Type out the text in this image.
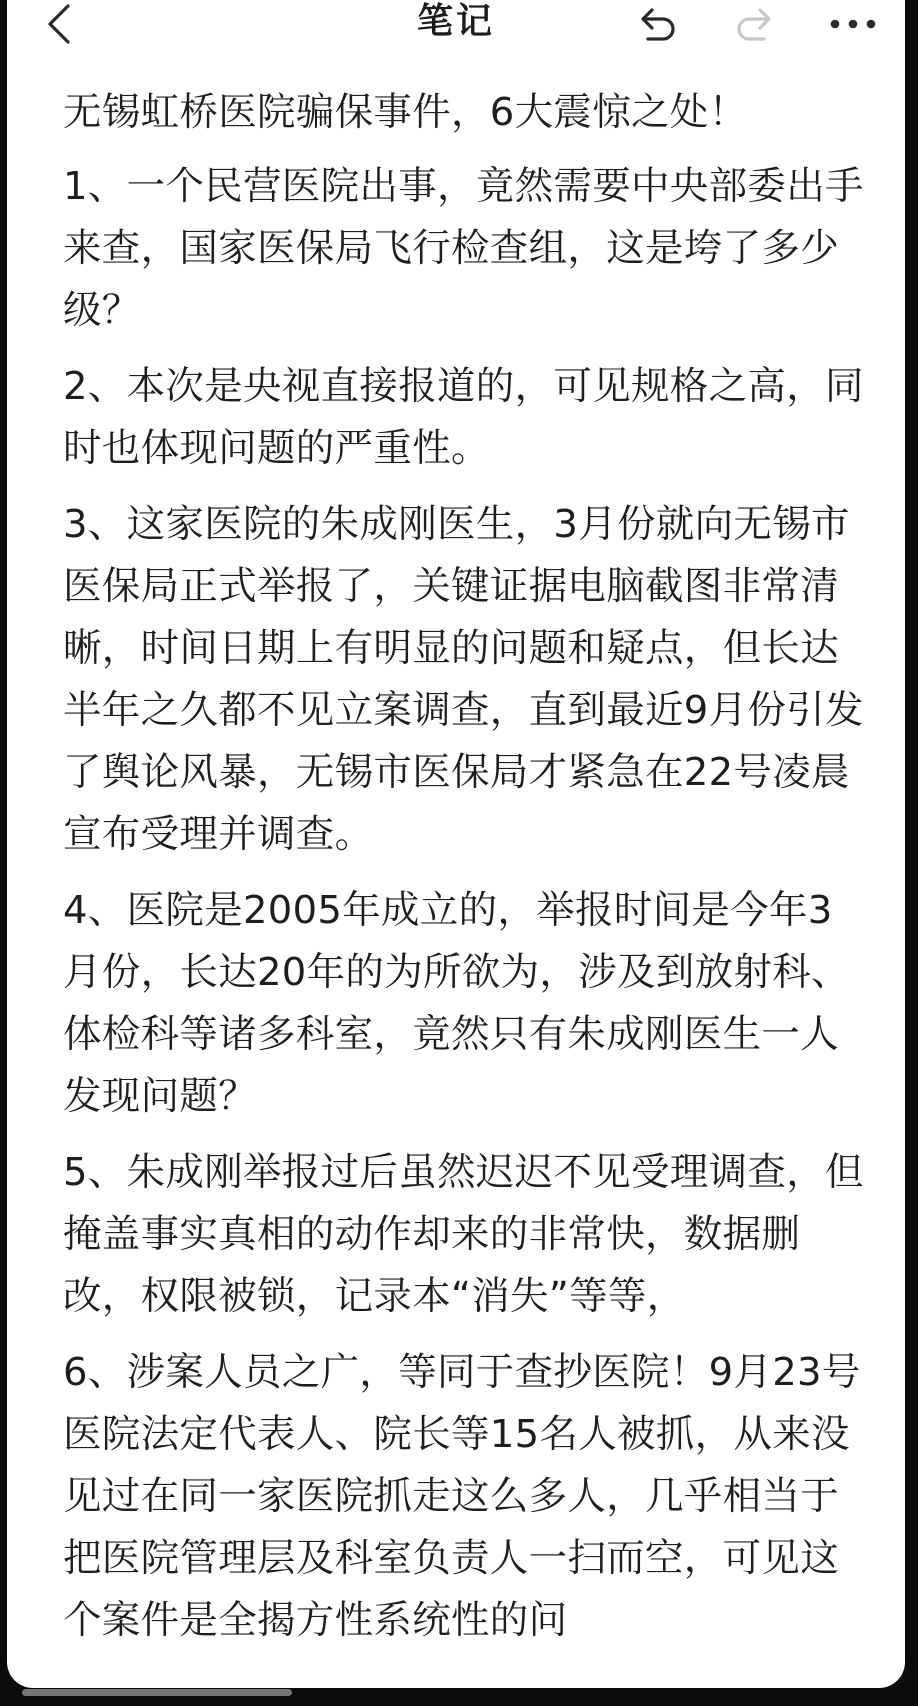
笔记

无锡虹桥医院骗保事件，6大震惊之处！

1、一个民营医院出事，竟然需要中央部委出手来查，国家医保局飞行检查组，这是垮了多少级？

2、本次是央视直接报道的，可见规格之高，同时也体现问题的严重性。

3、这家医院的朱成刚医生，3月份就向无锡市医保局正式举报了，关键证据电脑截图非常清晰，时间日期上有明显的问题和疑点，但长达半年之久都不见立案调查，直到最近9月份引发了舆论风暴，无锡市医保局才紧急在22号凌晨宣布受理并调查。

4、医院是2005年成立的，举报时间是今年3月份，长达20年的为所欲为，涉及到放射科、体检科等诸多科室，竟然只有朱成刚医生一人发现问题？

5、朱成刚举报过后虽然迟迟不见受理调查，但掩盖事实真相的动作却来的非常快，数据删改，权限被锁，记录本“消失”等等，

6、涉案人员之广，等同于查抄医院！9月23号医院法定代表人、院长等15名人被抓，从来没见过在同一家医院抓走这么多人，几乎相当于把医院管理层及科室负责人一扫而空，可见这个案件是全揭方性系统性的问
